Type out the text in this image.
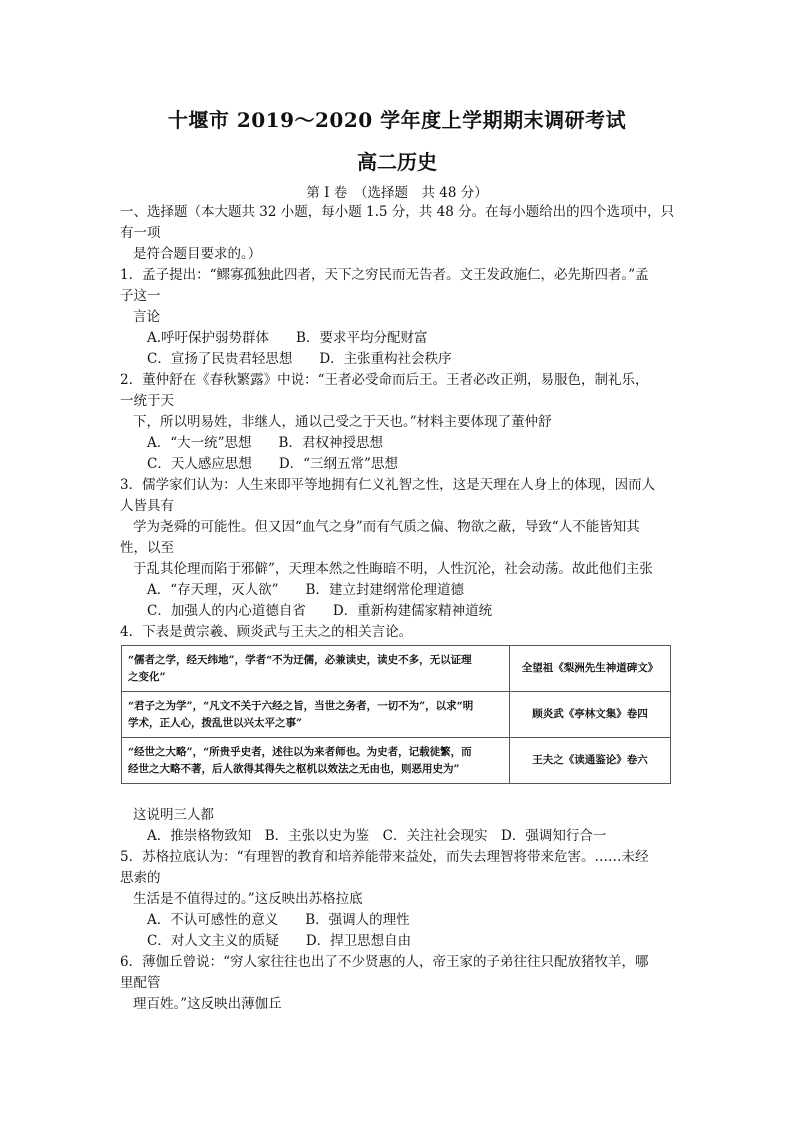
十堰市 2019～2020 学年度上学期期末调研考试
高二历史
第 I 卷　（选择题　共 48 分）
一、选择题（本大题共 32 小题，每小题 1.5 分，共 48 分。在每小题给出的四个选项中，只
有一项
是符合题目要求的。）
1．孟子提出：“鳏寡孤独此四者，天下之穷民而无告者。文王发政施仁，必先斯四者。”孟
子这一
言论
A.呼吁保护弱势群体　　B．要求平均分配财富
C．宣扬了民贵君轻思想　　D．主张重构社会秩序
2．董仲舒在《春秋繁露》中说：“王者必受命而后王。王者必改正朔，易服色，制礼乐，
一统于天
下，所以明易姓，非继人，通以己受之于天也。”材料主要体现了董仲舒
A．“大一统”思想　　B．君权神授思想
C．天人感应思想　　D．“三纲五常”思想
3．儒学家们认为：人生来即平等地拥有仁义礼智之性，这是天理在人身上的体现，因而人
人皆具有
学为尧舜的可能性。但又因“血气之身”而有气质之偏、物欲之蔽，导致“人不能皆知其
性，以至
于乱其伦理而陷于邪僻”，天理本然之性晦暗不明，人性沉沦，社会动荡。故此他们主张
A．“存天理，灭人欲”　　B．建立封建纲常伦理道德
C．加强人的内心道德自省　　D．重新构建儒家精神道统
4．下表是黄宗羲、顾炎武与王夫之的相关言论。
“儒者之学，经天纬地”，学者“不为迂儒，必兼读史，读史不多，无以证理
之变化”	全望祖《梨洲先生神道碑文》

“君子之为学”，“凡文不关于六经之旨，当世之务者，一切不为”，以求“明
学术，正人心，拨乱世以兴太平之事”	顾炎武《亭林文集》卷四

“经世之大略”，“所贵乎史者，述往以为来者师也。为史者，记载徒繁，而
经世之大略不著，后人欲得其得失之枢机以效法之无由也，则恶用史为”	王夫之《读通鉴论》卷六
这说明三人都
A．推崇格物致知　B．主张以史为鉴　C．关注社会现实　D．强调知行合一
5．苏格拉底认为：“有理智的教育和培养能带来益处，而失去理智将带来危害。……未经
思索的
生活是不值得过的。”这反映出苏格拉底
A．不认可感性的意义　　B．强调人的理性
C．对人文主义的质疑　　D．捍卫思想自由
6．薄伽丘曾说：“穷人家往往也出了不少贤惠的人，帝王家的子弟往往只配放猪牧羊，哪
里配管
理百姓。”这反映出薄伽丘
